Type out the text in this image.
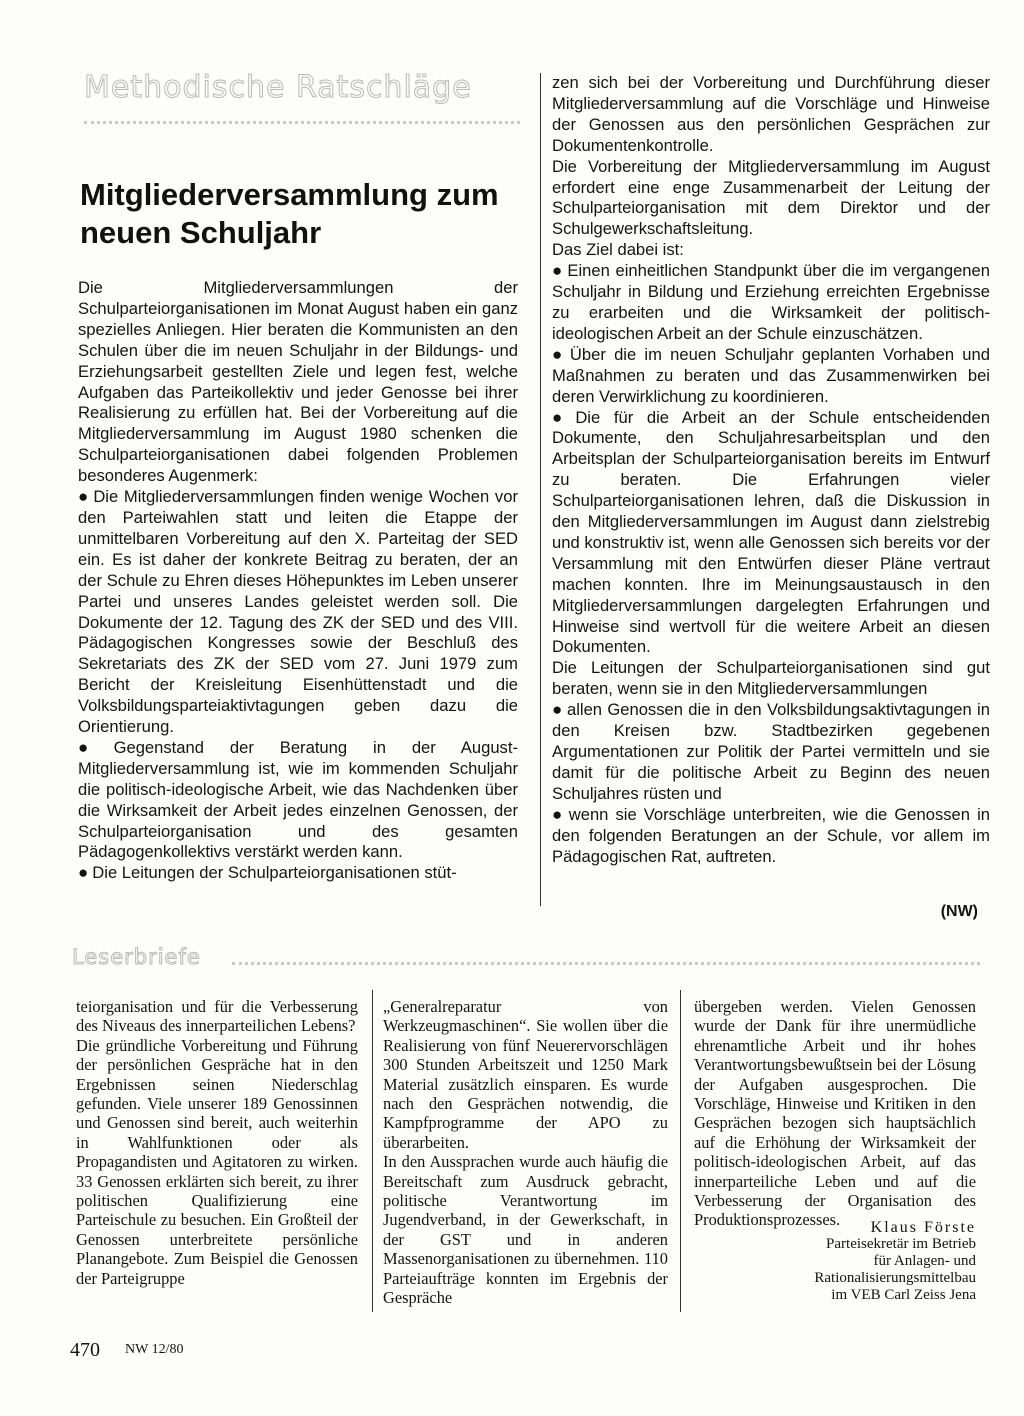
Methodische Ratschläge
Mitgliederversammlung zum neuen Schuljahr

Die Mitgliederversammlungen der Schulparteiorganisationen im Monat August haben ein ganz spezielles Anliegen. Hier beraten die Kommunisten an den Schulen über die im neuen Schuljahr in der Bildungs- und Erziehungsarbeit gestellten Ziele und legen fest, welche Aufgaben das Parteikollektiv und jeder Genosse bei ihrer Realisierung zu erfüllen hat. Bei der Vorbereitung auf die Mitgliederversammlung im August 1980 schenken die Schulparteiorganisationen dabei folgenden Problemen besonderes Augenmerk:

● Die Mitgliederversammlungen finden wenige Wochen vor den Parteiwahlen statt und leiten die Etappe der unmittelbaren Vorbereitung auf den X. Parteitag der SED ein. Es ist daher der konkrete Beitrag zu beraten, der an der Schule zu Ehren dieses Höhepunktes im Leben unserer Partei und unseres Landes geleistet werden soll. Die Dokumente der 12. Tagung des ZK der SED und des VIII. Pädagogischen Kongresses sowie der Beschluß des Sekretariats des ZK der SED vom 27. Juni 1979 zum Bericht der Kreisleitung Eisenhüttenstadt und die Volksbildungsparteiaktivtagungen geben dazu die Orientierung.

● Gegenstand der Beratung in der August-Mitgliederversammlung ist, wie im kommenden Schuljahr die politisch-ideologische Arbeit, wie das Nachdenken über die Wirksamkeit der Arbeit jedes einzelnen Genossen, der Schulparteiorganisation und des gesamten Pädagogenkollektivs verstärkt werden kann.

● Die Leitungen der Schulparteiorganisationen stüt-

zen sich bei der Vorbereitung und Durchführung dieser Mitgliederversammlung auf die Vorschläge und Hinweise der Genossen aus den persönlichen Gesprächen zur Dokumentenkontrolle.

Die Vorbereitung der Mitgliederversammlung im August erfordert eine enge Zusammenarbeit der Leitung der Schulparteiorganisation mit dem Direktor und der Schulgewerkschaftsleitung.

Das Ziel dabei ist:

● Einen einheitlichen Standpunkt über die im vergangenen Schuljahr in Bildung und Erziehung erreichten Ergebnisse zu erarbeiten und die Wirksamkeit der politisch-ideologischen Arbeit an der Schule einzuschätzen.

● Über die im neuen Schuljahr geplanten Vorhaben und Maßnahmen zu beraten und das Zusammenwirken bei deren Verwirklichung zu koordinieren.

● Die für die Arbeit an der Schule entscheidenden Dokumente, den Schuljahresarbeitsplan und den Arbeitsplan der Schulparteiorganisation bereits im Entwurf zu beraten. Die Erfahrungen vieler Schulparteiorganisationen lehren, daß die Diskussion in den Mitgliederversammlungen im August dann zielstrebig und konstruktiv ist, wenn alle Genossen sich bereits vor der Versammlung mit den Entwürfen dieser Pläne vertraut machen konnten. Ihre im Meinungsaustausch in den Mitgliederversammlungen dargelegten Erfahrungen und Hinweise sind wertvoll für die weitere Arbeit an diesen Dokumenten.

Die Leitungen der Schulparteiorganisationen sind gut beraten, wenn sie in den Mitgliederversammlungen

● allen Genossen die in den Volksbildungsaktivtagungen in den Kreisen bzw. Stadtbezirken gegebenen Argumentationen zur Politik der Partei vermitteln und sie damit für die politische Arbeit zu Beginn des neuen Schuljahres rüsten und

● wenn sie Vorschläge unterbreiten, wie die Genossen in den folgenden Beratungen an der Schule, vor allem im Pädagogischen Rat, auftreten.

(NW)
Leserbriefe

teiorganisation und für die Verbesserung des Niveaus des innerparteilichen Lebens?

Die gründliche Vorbereitung und Führung der persönlichen Gespräche hat in den Ergebnissen seinen Niederschlag gefunden. Viele unserer 189 Genossinnen und Genossen sind bereit, auch weiterhin in Wahlfunktionen oder als Propagandisten und Agitatoren zu wirken. 33 Genossen erklärten sich bereit, zu ihrer politischen Qualifizierung eine Parteischule zu besuchen. Ein Großteil der Genossen unterbreitete persönliche Planangebote. Zum Beispiel die Genossen der Parteigruppe

„Generalreparatur von Werkzeugmaschinen“. Sie wollen über die Realisierung von fünf Neuerervorschlägen 300 Stunden Arbeitszeit und 1250 Mark Material zusätzlich einsparen. Es wurde nach den Gesprächen notwendig, die Kampfprogramme der APO zu überarbeiten.

In den Aussprachen wurde auch häufig die Bereitschaft zum Ausdruck gebracht, politische Verantwortung im Jugendverband, in der Gewerkschaft, in der GST und in anderen Massenorganisationen zu übernehmen. 110 Parteiaufträge konnten im Ergebnis der Gespräche

übergeben werden. Vielen Genossen wurde der Dank für ihre unermüdliche ehrenamtliche Arbeit und ihr hohes Verantwortungsbewußtsein bei der Lösung der Aufgaben ausgesprochen. Die Vorschläge, Hinweise und Kritiken in den Gesprächen bezogen sich hauptsächlich auf die Erhöhung der Wirksamkeit der politisch-ideologischen Arbeit, auf das innerparteiliche Leben und auf die Verbesserung der Organisation des Produktionsprozesses.	Klaus Förste
Parteisekretär im Betrieb
für Anlagen- und
Rationalisierungsmittelbau
im VEB Carl Zeiss Jena
470 NW 12/80
